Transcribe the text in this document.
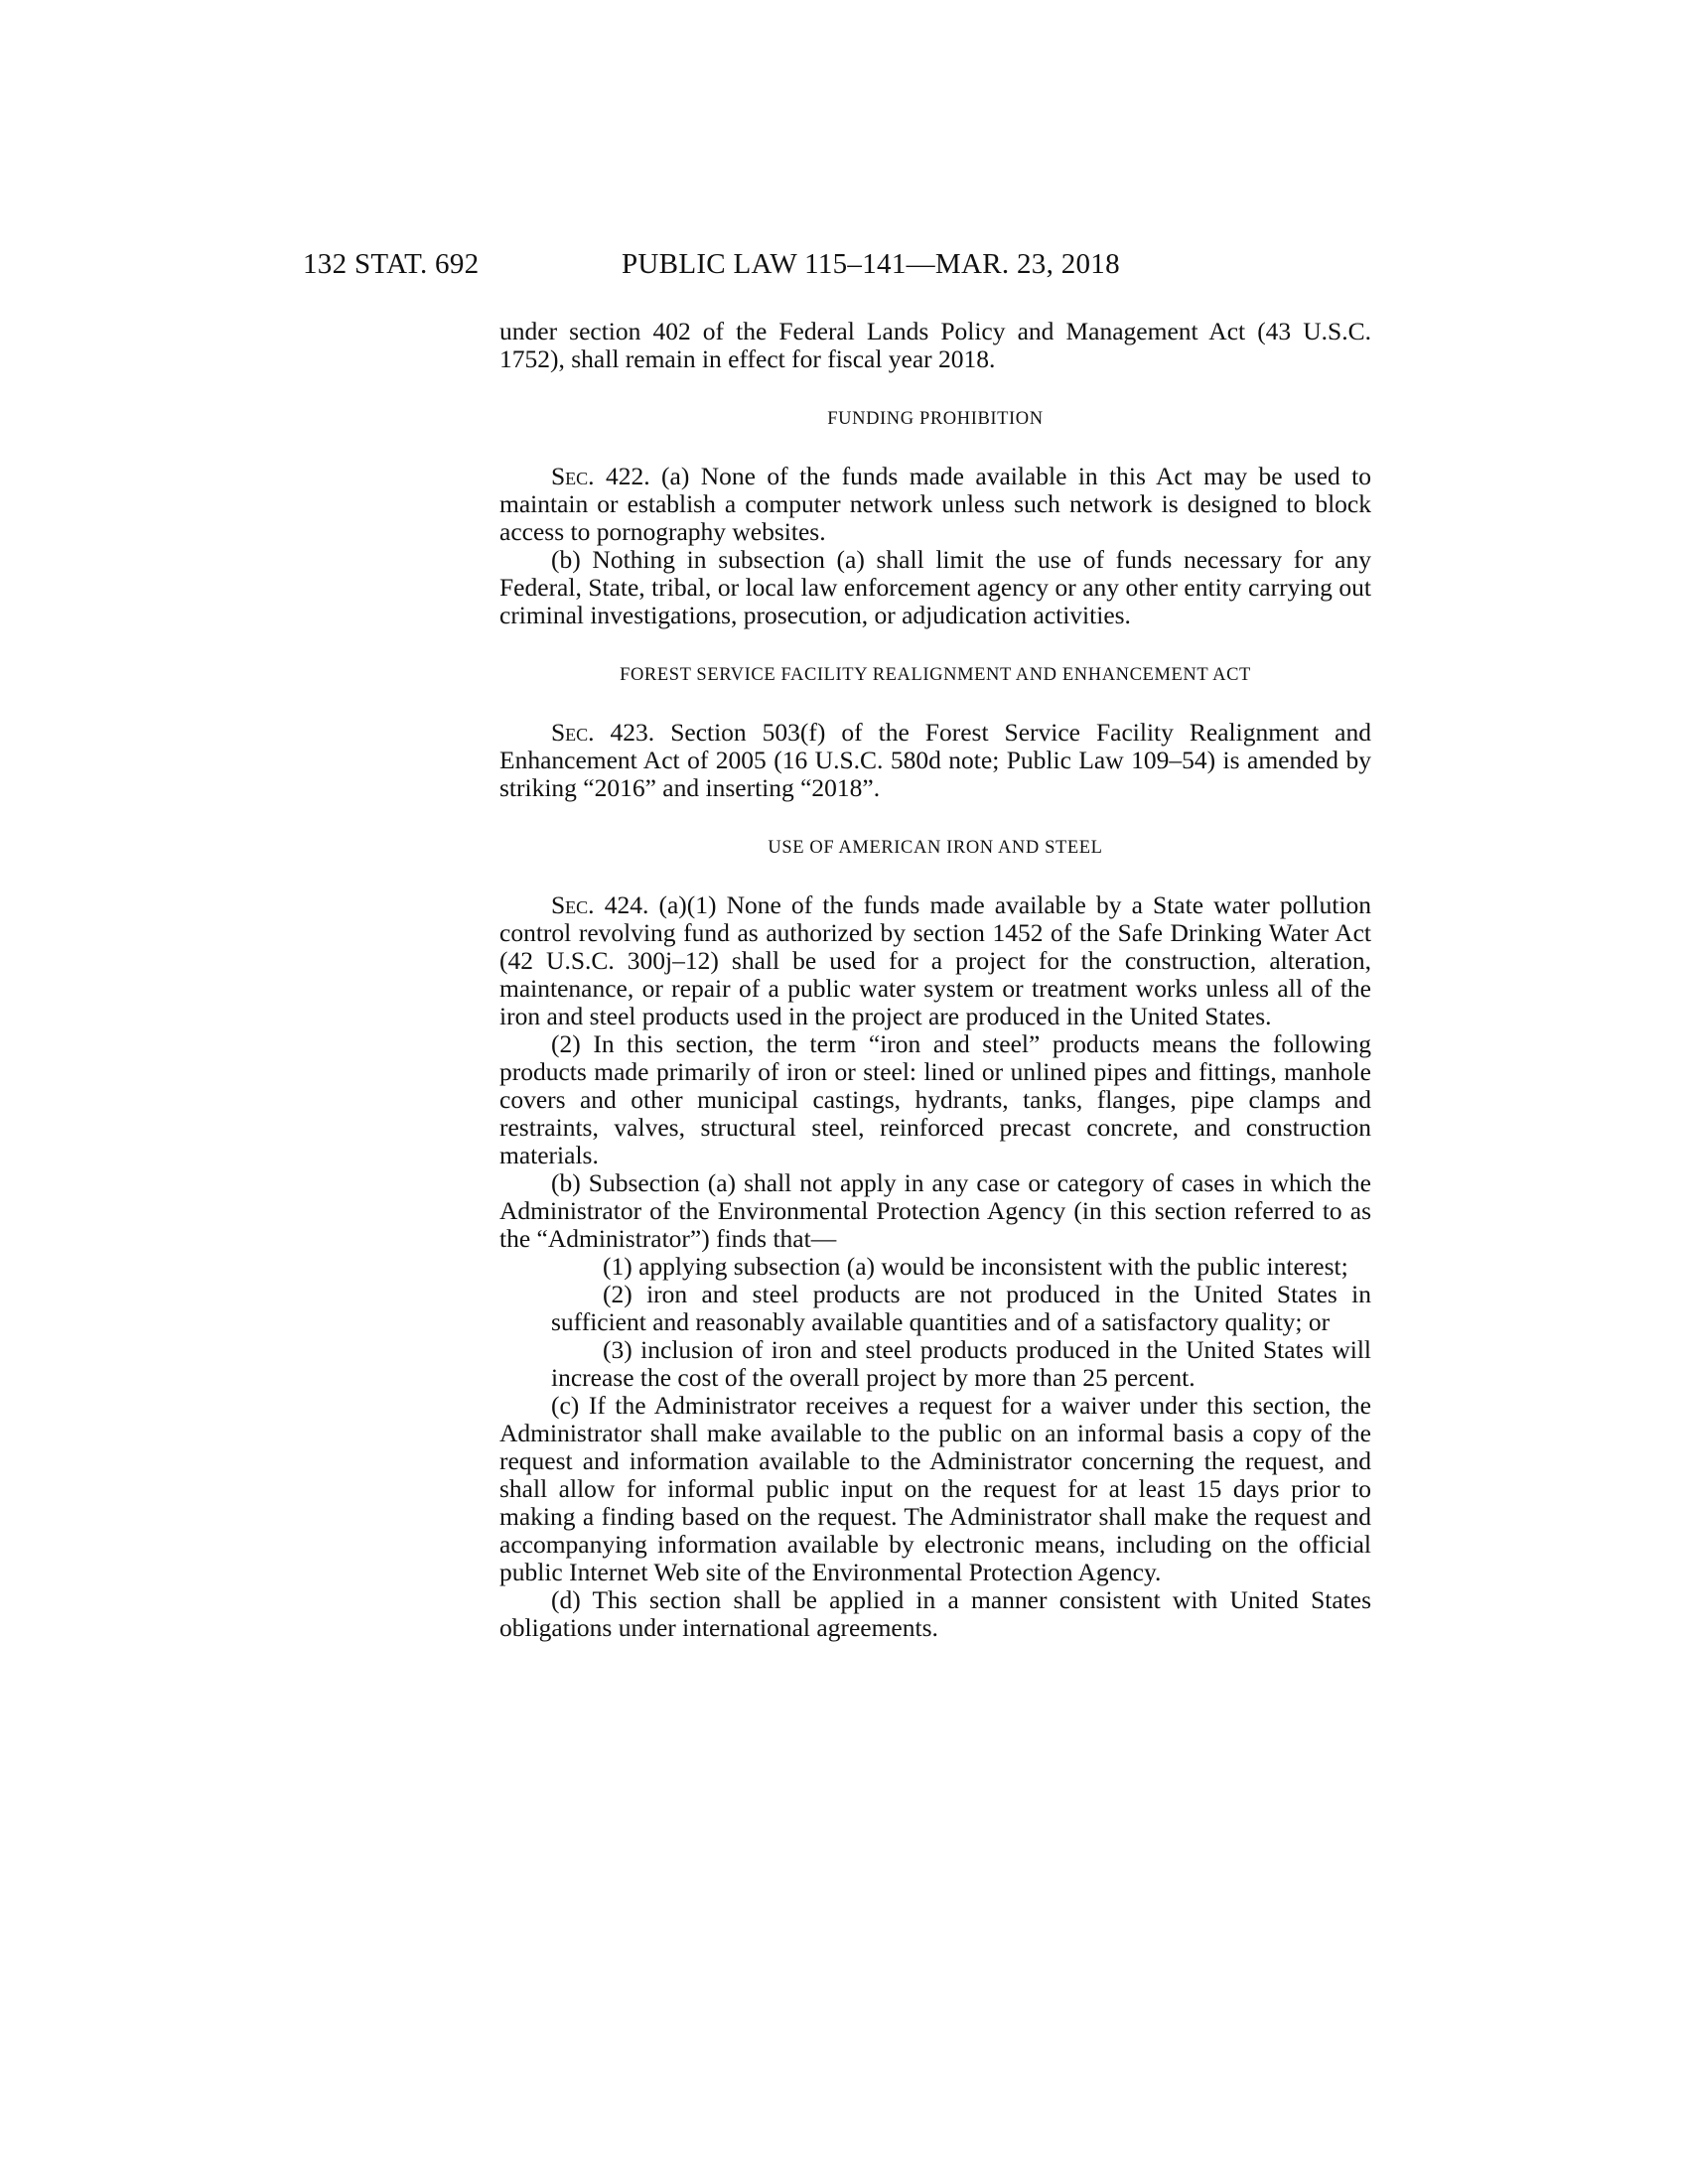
132 STAT. 692	PUBLIC LAW 115–141—MAR. 23, 2018

under section 402 of the Federal Lands Policy and Management Act (43 U.S.C. 1752), shall remain in effect for fiscal year 2018.

FUNDING PROHIBITION

Sec. 422. (a) None of the funds made available in this Act may be used to maintain or establish a computer network unless such network is designed to block access to pornography websites.

(b) Nothing in subsection (a) shall limit the use of funds necessary for any Federal, State, tribal, or local law enforcement agency or any other entity carrying out criminal investigations, prosecution, or adjudication activities.

FOREST SERVICE FACILITY REALIGNMENT AND ENHANCEMENT ACT

Sec. 423. Section 503(f) of the Forest Service Facility Realignment and Enhancement Act of 2005 (16 U.S.C. 580d note; Public Law 109–54) is amended by striking “2016” and inserting “2018”.

USE OF AMERICAN IRON AND STEEL

Sec. 424. (a)(1) None of the funds made available by a State water pollution control revolving fund as authorized by section 1452 of the Safe Drinking Water Act (42 U.S.C. 300j–12) shall be used for a project for the construction, alteration, maintenance, or repair of a public water system or treatment works unless all of the iron and steel products used in the project are produced in the United States.

(2) In this section, the term “iron and steel” products means the following products made primarily of iron or steel: lined or unlined pipes and fittings, manhole covers and other municipal castings, hydrants, tanks, flanges, pipe clamps and restraints, valves, structural steel, reinforced precast concrete, and construction materials.

(b) Subsection (a) shall not apply in any case or category of cases in which the Administrator of the Environmental Protection Agency (in this section referred to as the “Administrator”) finds that—

(1) applying subsection (a) would be inconsistent with the public interest;

(2) iron and steel products are not produced in the United States in sufficient and reasonably available quantities and of a satisfactory quality; or

(3) inclusion of iron and steel products produced in the United States will increase the cost of the overall project by more than 25 percent.

(c) If the Administrator receives a request for a waiver under this section, the Administrator shall make available to the public on an informal basis a copy of the request and information available to the Administrator concerning the request, and shall allow for informal public input on the request for at least 15 days prior to making a finding based on the request. The Administrator shall make the request and accompanying information available by electronic means, including on the official public Internet Web site of the Environmental Protection Agency.

(d) This section shall be applied in a manner consistent with United States obligations under international agreements.
